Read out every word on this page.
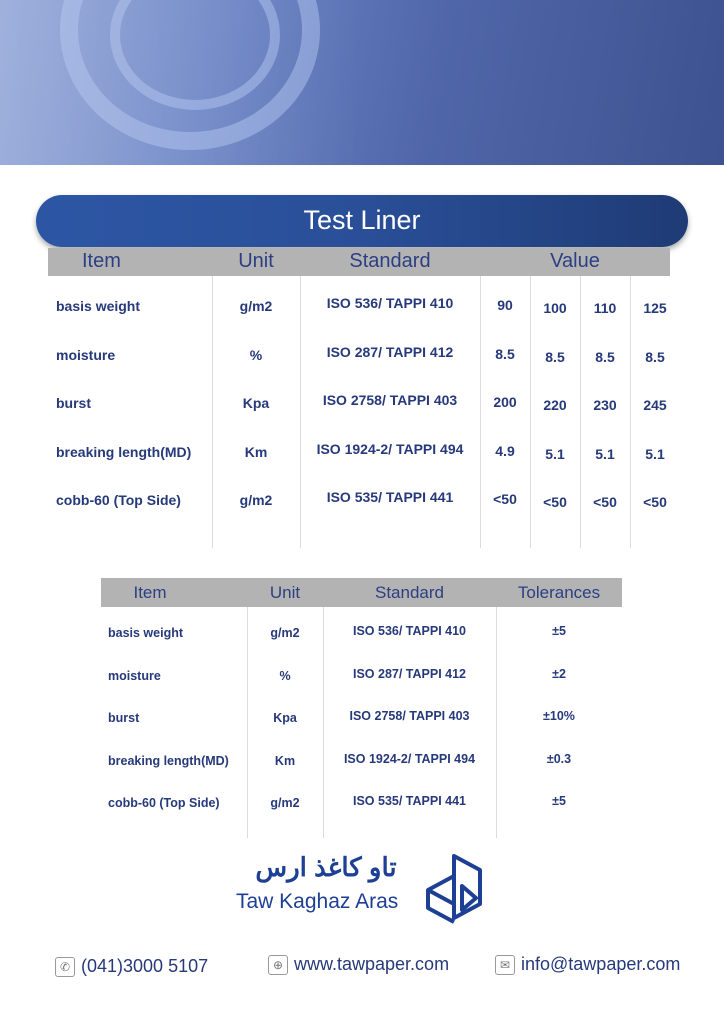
Test Liner
Item	Unit	Standard	Value
basis weight	g/m2	ISO 536/ TAPPI 410	90	100	110	125
moisture	%	ISO 287/ TAPPI 412	8.5	8.5	8.5	8.5
burst	Kpa	ISO 2758/ TAPPI 403	200	220	230	245
breaking length(MD)	Km	ISO 1924-2/ TAPPI 494	4.9	5.1	5.1	5.1
cobb-60 (Top Side)	g/m2	ISO 535/ TAPPI 441	<50	<50	<50	<50
Item	Unit	Standard	Tolerances
basis weight	g/m2	ISO 536/ TAPPI 410	±5
moisture	%	ISO 287/ TAPPI 412	±2
burst	Kpa	ISO 2758/ TAPPI 403	±10%
breaking length(MD)	Km	ISO 1924-2/ TAPPI 494	±0.3
cobb-60 (Top Side)	g/m2	ISO 535/ TAPPI 441	±5
تاو کاغذ ارس
Taw Kaghaz Aras
✆ (041)3000 5107	⊕ www.tawpaper.com	✉ info@tawpaper.com
